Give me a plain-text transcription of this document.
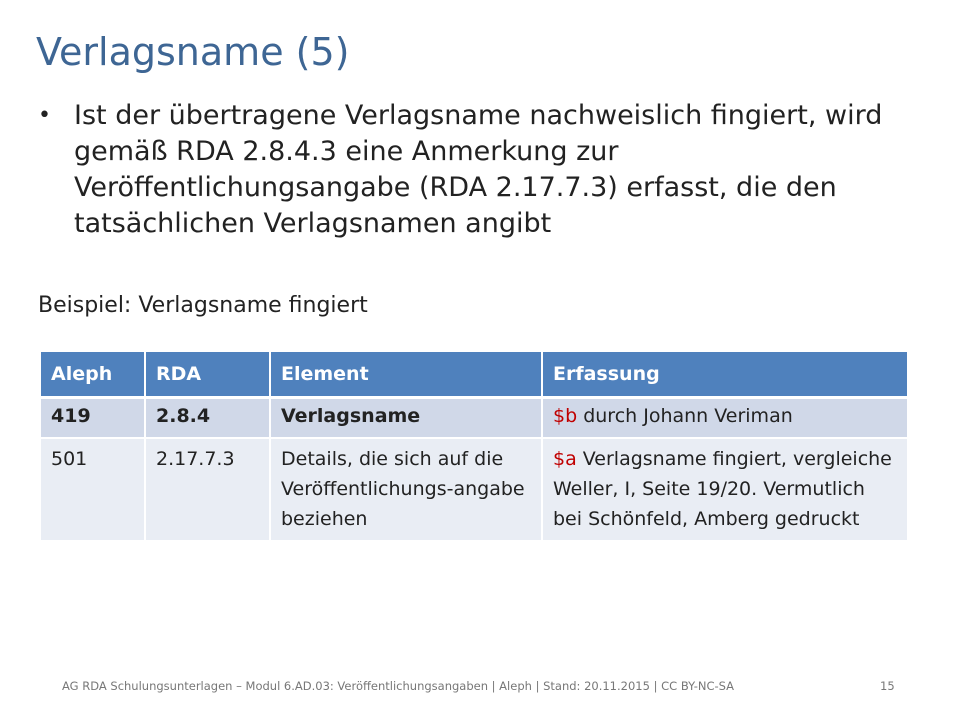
Verlagsname (5)
• Ist der übertragene Verlagsname nachweislich fingiert, wird gemäß RDA 2.8.4.3 eine Anmerkung zur Veröffentlichungsangabe (RDA 2.17.7.3) erfasst, die den tatsächlichen Verlagsnamen angibt
Beispiel: Verlagsname fingiert
Aleph	RDA	Element	Erfassung
419	2.8.4	Verlagsname	$b durch Johann Veriman
501	2.17.7.3	Details, die sich auf die Veröffentlichungs-angabe beziehen	$a Verlagsname fingiert, vergleiche Weller, I, Seite 19/20. Vermutlich bei Schönfeld, Amberg gedruckt
AG RDA Schulungsunterlagen – Modul 6.AD.03: Veröffentlichungsangaben | Aleph | Stand: 20.11.2015 | CC BY-NC-SA	15
